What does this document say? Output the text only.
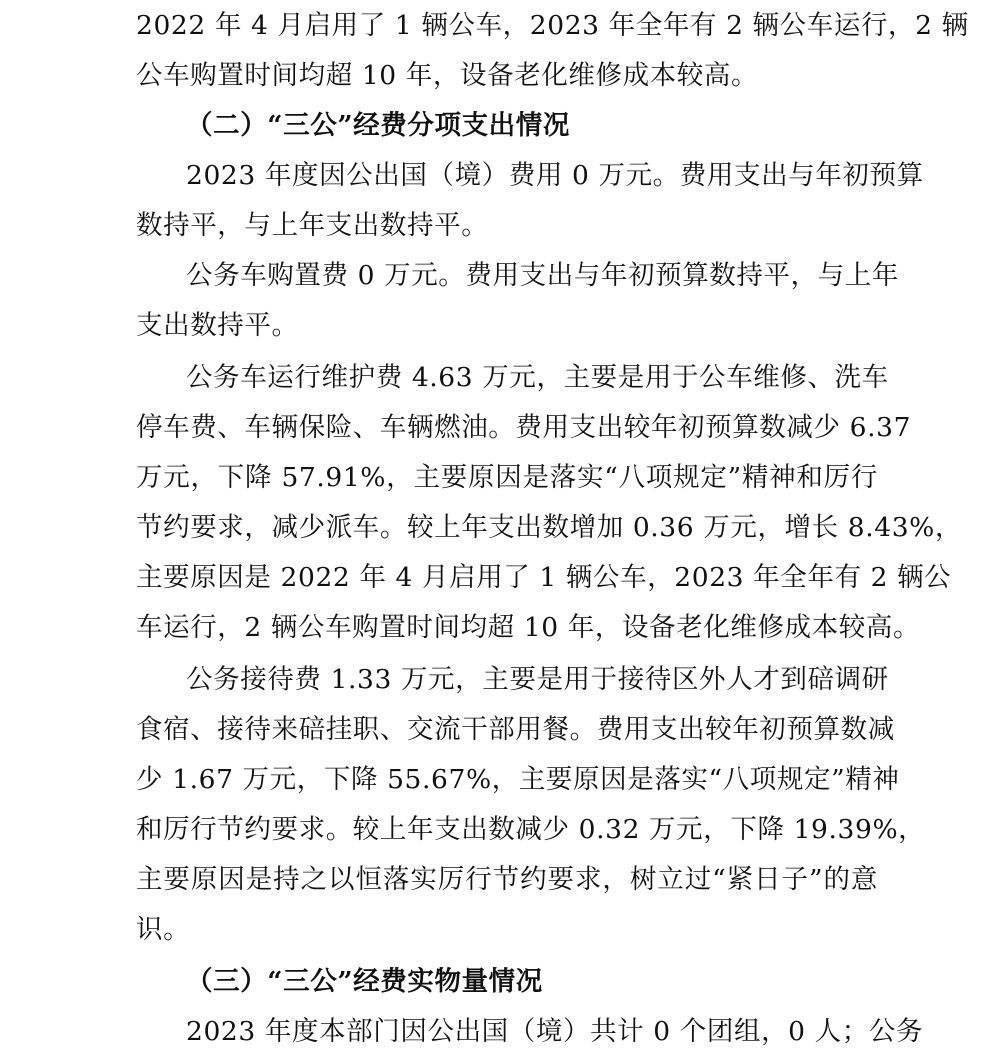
2022 年 4 月启用了 1 辆公车，2023 年全年有 2 辆公车运行，2 辆
公车购置时间均超 10 年，设备老化维修成本较高。
（二）“三公”经费分项支出情况
2023 年度因公出国（境）费用 0 万元。费用支出与年初预算
数持平，与上年支出数持平。
公务车购置费 0 万元。费用支出与年初预算数持平，与上年
支出数持平。
公务车运行维护费 4.63 万元，主要是用于公车维修、洗车
停车费、车辆保险、车辆燃油。费用支出较年初预算数减少 6.37
万元，下降 57.91%，主要原因是落实“八项规定”精神和厉行
节约要求，减少派车。较上年支出数增加 0.36 万元，增长 8.43%，
主要原因是 2022 年 4 月启用了 1 辆公车，2023 年全年有 2 辆公
车运行，2 辆公车购置时间均超 10 年，设备老化维修成本较高。
公务接待费 1.33 万元，主要是用于接待区外人才到碚调研
食宿、接待来碚挂职、交流干部用餐。费用支出较年初预算数减
少 1.67 万元，下降 55.67%，主要原因是落实“八项规定”精神
和厉行节约要求。较上年支出数减少 0.32 万元，下降 19.39%，
主要原因是持之以恒落实厉行节约要求，树立过“紧日子”的意
识。
（三）“三公”经费实物量情况
2023 年度本部门因公出国（境）共计 0 个团组，0 人；公务
